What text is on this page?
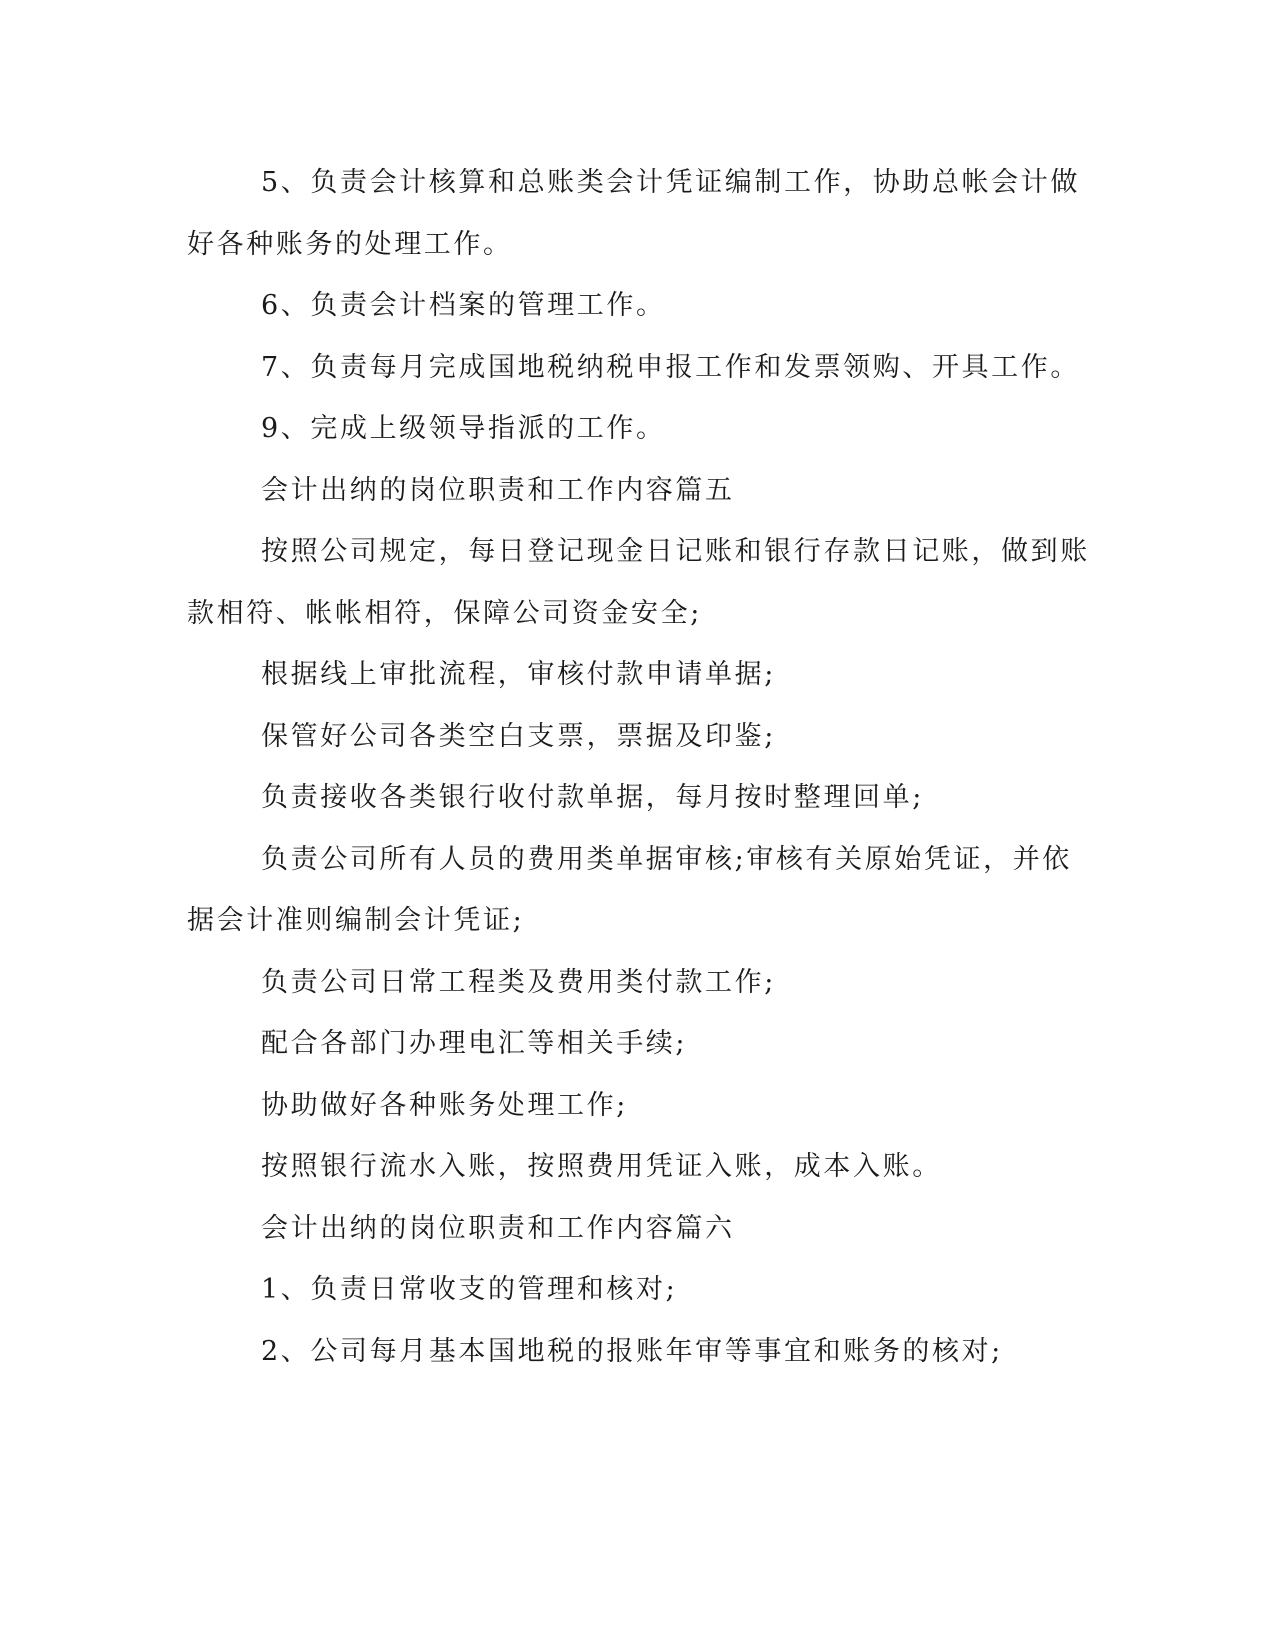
5、负责会计核算和总账类会计凭证编制工作，协助总帐会计做好各种账务的处理工作。

6、负责会计档案的管理工作。

7、负责每月完成国地税纳税申报工作和发票领购、开具工作。

9、完成上级领导指派的工作。

会计出纳的岗位职责和工作内容篇五

按照公司规定，每日登记现金日记账和银行存款日记账，做到账款相符、帐帐相符，保障公司资金安全;

根据线上审批流程，审核付款申请单据;

保管好公司各类空白支票，票据及印鉴;

负责接收各类银行收付款单据，每月按时整理回单;

负责公司所有人员的费用类单据审核;审核有关原始凭证，并依据会计准则编制会计凭证;

负责公司日常工程类及费用类付款工作;

配合各部门办理电汇等相关手续;

协助做好各种账务处理工作;

按照银行流水入账，按照费用凭证入账，成本入账。

会计出纳的岗位职责和工作内容篇六

1、负责日常收支的管理和核对;

2、公司每月基本国地税的报账年审等事宜和账务的核对;
